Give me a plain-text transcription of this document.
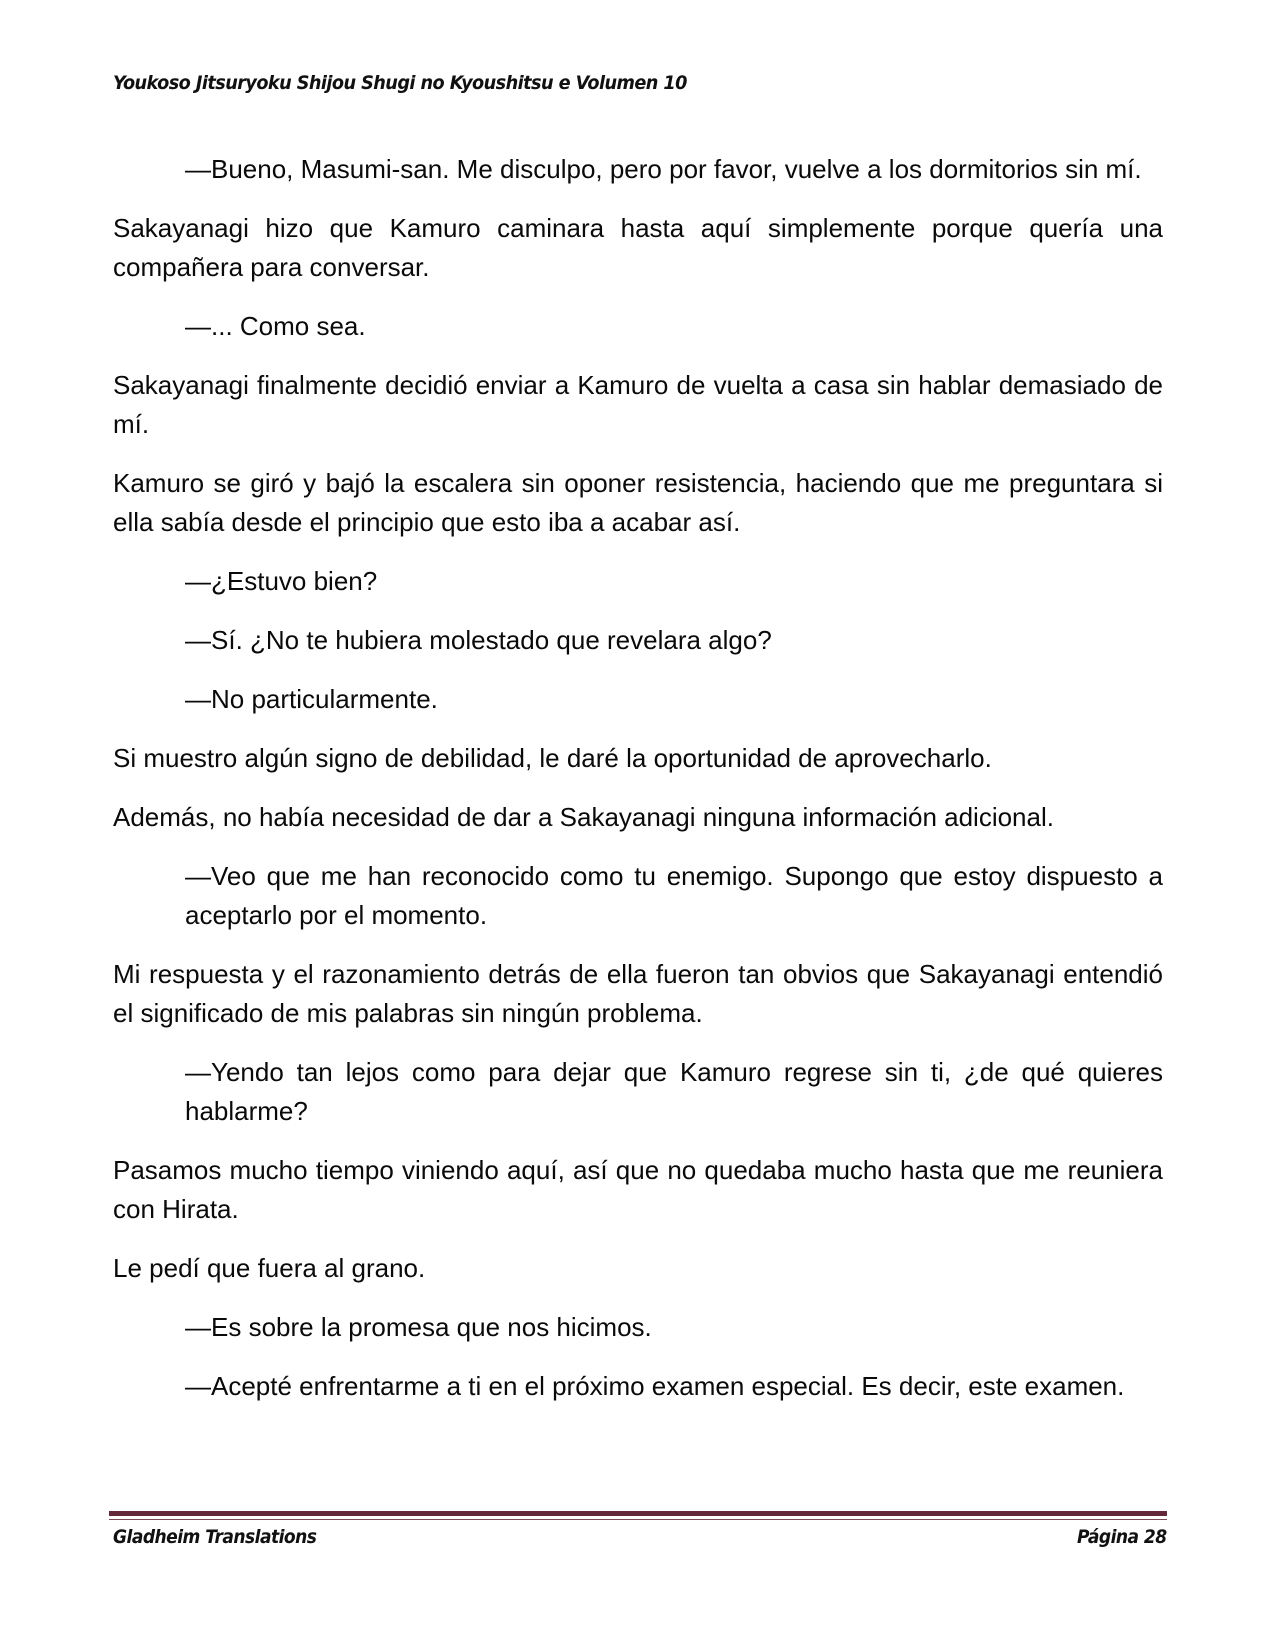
Youkoso Jitsuryoku Shijou Shugi no Kyoushitsu e Volumen 10

—Bueno, Masumi-san. Me disculpo, pero por favor, vuelve a los dormitorios sin mí.

Sakayanagi hizo que Kamuro caminara hasta aquí simplemente porque quería una compañera para conversar.

—... Como sea.

Sakayanagi finalmente decidió enviar a Kamuro de vuelta a casa sin hablar demasiado de mí.

Kamuro se giró y bajó la escalera sin oponer resistencia, haciendo que me preguntara si ella sabía desde el principio que esto iba a acabar así.

—¿Estuvo bien?

—Sí. ¿No te hubiera molestado que revelara algo?

—No particularmente.

Si muestro algún signo de debilidad, le daré la oportunidad de aprovecharlo.

Además, no había necesidad de dar a Sakayanagi ninguna información adicional.

—Veo que me han reconocido como tu enemigo. Supongo que estoy dispuesto a aceptarlo por el momento.

Mi respuesta y el razonamiento detrás de ella fueron tan obvios que Sakayanagi entendió el significado de mis palabras sin ningún problema.

—Yendo tan lejos como para dejar que Kamuro regrese sin ti, ¿de qué quieres hablarme?

Pasamos mucho tiempo viniendo aquí, así que no quedaba mucho hasta que me reuniera con Hirata.

Le pedí que fuera al grano.

—Es sobre la promesa que nos hicimos.

—Acepté enfrentarme a ti en el próximo examen especial. Es decir, este examen.

Gladheim Translations	Página 28
